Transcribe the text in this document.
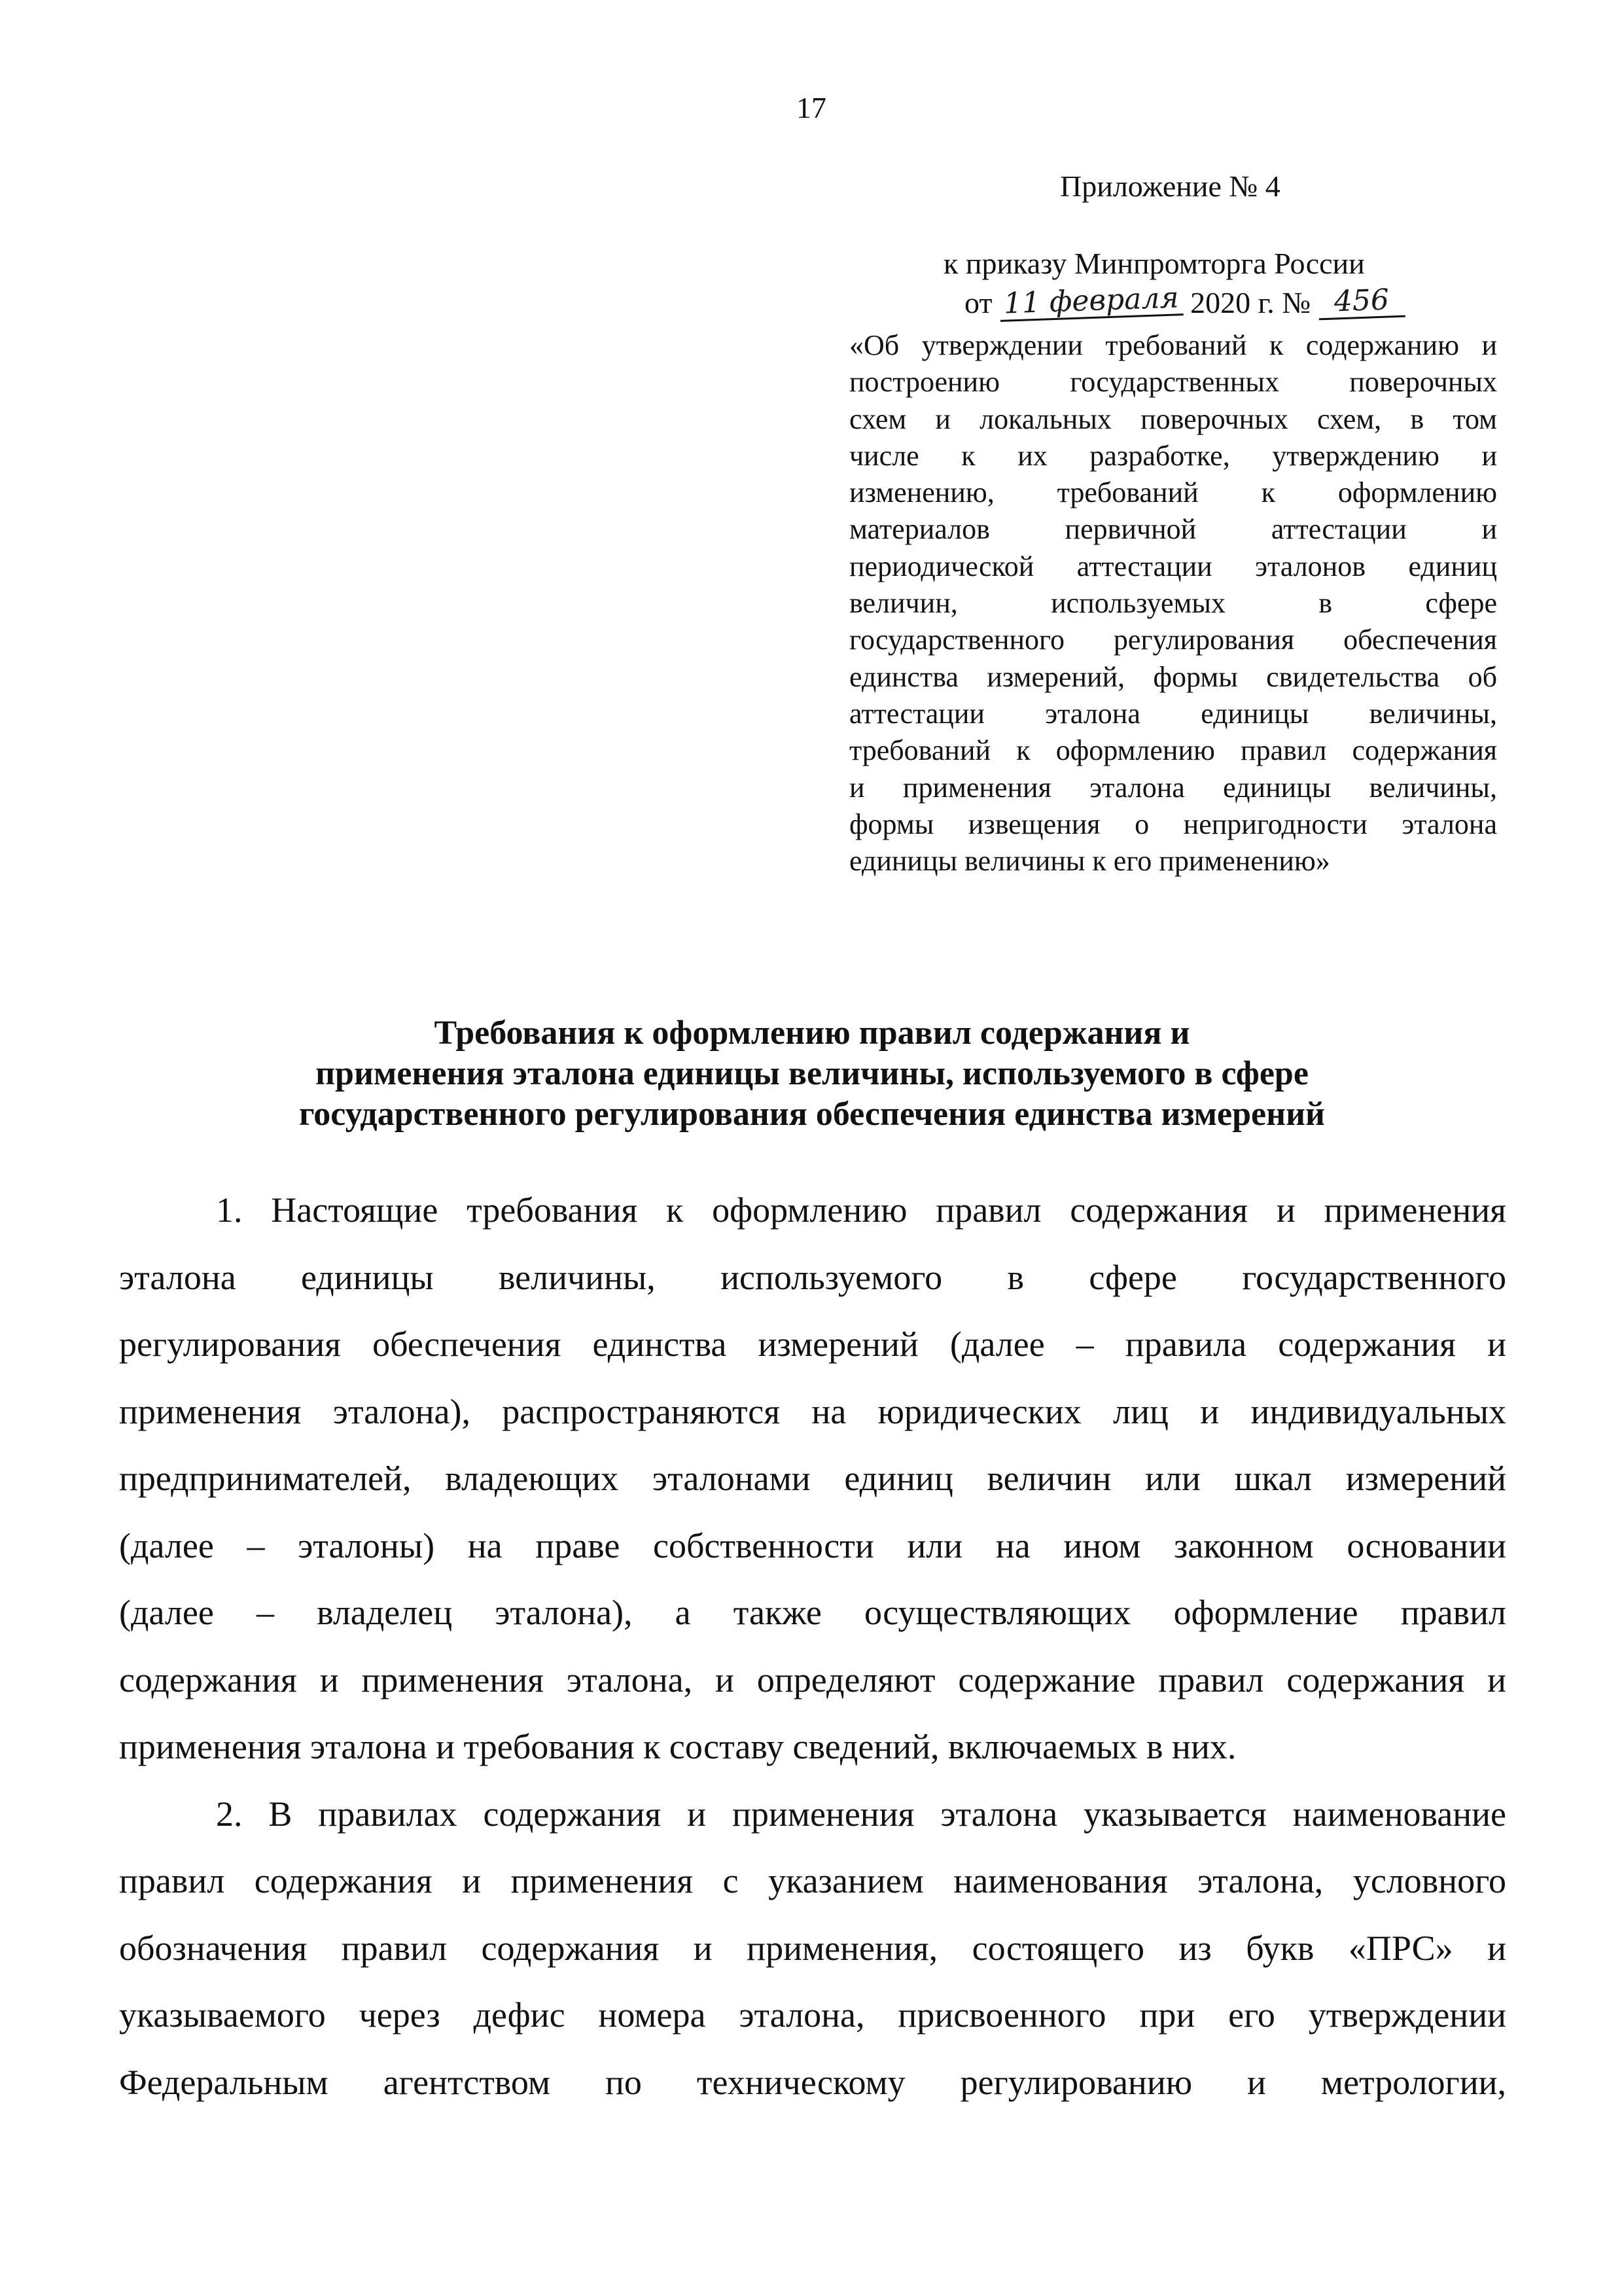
17
Приложение № 4
к приказу Минпромторга России
от 11 февраля 2020 г. № 456
«Об утверждении требований к содержанию и
построению государственных поверочных
схем и локальных поверочных схем, в том
числе к их разработке, утверждению и
изменению, требований к оформлению
материалов первичной аттестации и
периодической аттестации эталонов единиц
величин, используемых в сфере
государственного регулирования обеспечения
единства измерений, формы свидетельства об
аттестации эталона единицы величины,
требований к оформлению правил содержания
и применения эталона единицы величины,
формы извещения о непригодности эталона
единицы величины к его применению»
Требования к оформлению правил содержания и
применения эталона единицы величины, используемого в сфере
государственного регулирования обеспечения единства измерений
1. Настоящие требования к оформлению правил содержания и применения
эталона единицы величины, используемого в сфере государственного
регулирования обеспечения единства измерений (далее – правила содержания и
применения эталона), распространяются на юридических лиц и индивидуальных
предпринимателей, владеющих эталонами единиц величин или шкал измерений
(далее – эталоны) на праве собственности или на ином законном основании
(далее – владелец эталона), а также осуществляющих оформление правил
содержания и применения эталона, и определяют содержание правил содержания и
применения эталона и требования к составу сведений, включаемых в них.
2. В правилах содержания и применения эталона указывается наименование
правил содержания и применения с указанием наименования эталона, условного
обозначения правил содержания и применения, состоящего из букв «ПРС» и
указываемого через дефис номера эталона, присвоенного при его утверждении
Федеральным агентством по техническому регулированию и метрологии,
